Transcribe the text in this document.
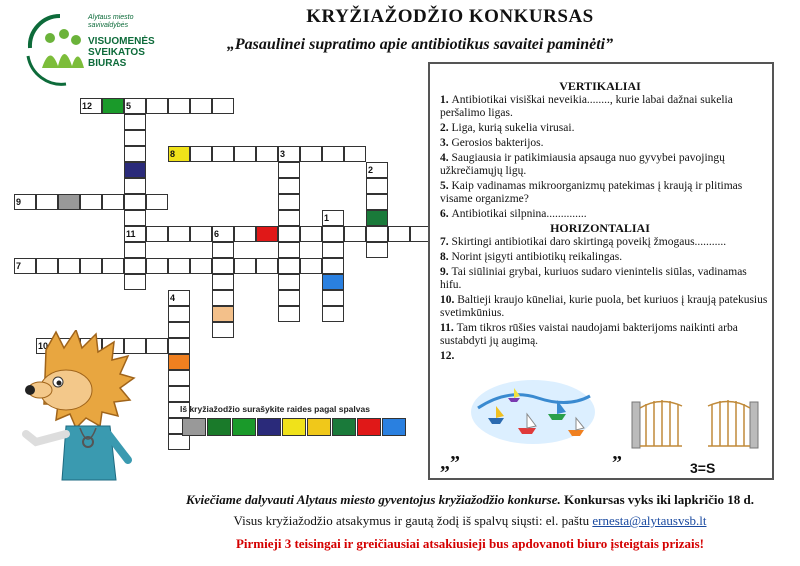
Alytaus miesto savivaldybės
VISUOMENĖS SVEIKATOS BIURAS
KRYŽIAŽODŽIO KONKURSAS
„Pasaulinei supratimo apie antibiotikus savaitei paminėti”
12	5
8	3
2
9
1
11	6
7
4
10
Iš kryžiažodžio surašykite raides pagal spalvas
VERTIKALIAI
1. Antibiotikai visiškai neveikia........, kurie labai dažnai sukelia peršalimo ligas.
2. Liga, kurią sukelia virusai.
3. Gerosios bakterijos.
4. Saugiausia ir patikimiausia apsauga nuo gyvybei pavojingų užkrečiamųjų ligų.
5. Kaip vadinamas mikroorganizmų patekimas į kraują ir plitimas visame organizme?
6. Antibiotikai silpnina..............
HORIZONTALIAI
7. Skirtingi antibiotikai daro skirtingą poveikį žmogaus...........
8. Norint įsigyti antibiotikų reikalingas.
9. Tai siūliniai grybai, kuriuos sudaro vienintelis siūlas, vadinamas hifu.
10. Baltieji kraujo kūneliai, kurie puola, bet kuriuos į kraują patekusius svetimkūnius.
11. Tam tikros rūšies vaistai naudojami bakterijoms naikinti arba sustabdyti jų augimą.
12.
„”	”	3=S
Kviečiame dalyvauti Alytaus miesto gyventojus kryžiažodžio konkurse. Konkursas vyks iki lapkričio 18 d.
Visus kryžiažodžio atsakymus ir gautą žodį iš spalvų siųsti: el. paštu ernesta@alytausvsb.lt
Pirmieji 3 teisingai ir greičiausiai atsakiusieji bus apdovanoti biuro įsteigtais prizais!
